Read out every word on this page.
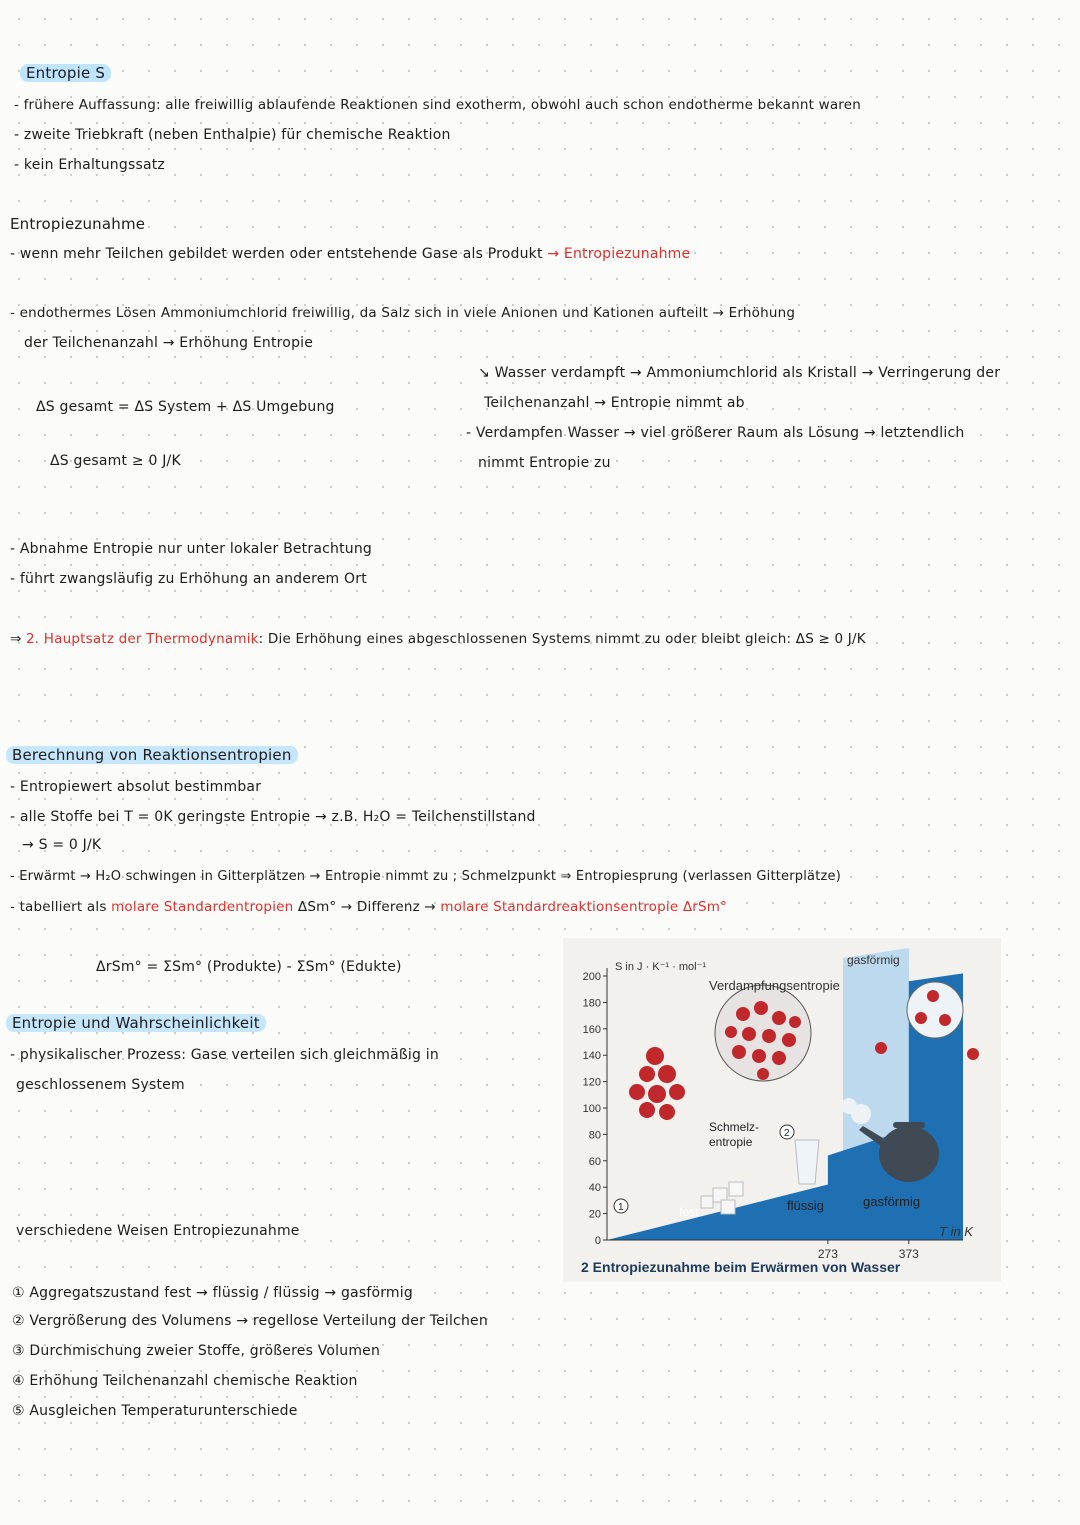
Entropie S
- frühere Auffassung: alle freiwillig ablaufende Reaktionen sind exotherm, obwohl auch schon endotherme bekannt waren
- zweite Triebkraft (neben Enthalpie) für chemische Reaktion
- kein Erhaltungssatz
Entropiezunahme
- wenn mehr Teilchen gebildet werden oder entstehende Gase als Produkt → Entropiezunahme
- endothermes Lösen Ammoniumchlorid freiwillig, da Salz sich in viele Anionen und Kationen aufteilt → Erhöhung
der Teilchenanzahl → Erhöhung Entropie
↘ Wasser verdampft → Ammoniumchlorid als Kristall → Verringerung der
Teilchenanzahl → Entropie nimmt ab
- Verdampfen Wasser → viel größerer Raum als Lösung → letztendlich
nimmt Entropie zu
ΔS gesamt = ΔS System + ΔS Umgebung
ΔS gesamt ≥ 0 J/K
- Abnahme Entropie nur unter lokaler Betrachtung
- führt zwangsläufig zu Erhöhung an anderem Ort
⇒ 2. Hauptsatz der Thermodynamik: Die Erhöhung eines abgeschlossenen Systems nimmt zu oder bleibt gleich: ΔS ≥ 0 J/K
Berechnung von Reaktionsentropien
- Entropiewert absolut bestimmbar
- alle Stoffe bei T = 0K geringste Entropie → z.B. H₂O = Teilchenstillstand
→ S = 0 J/K
- Erwärmt → H₂O schwingen in Gitterplätzen → Entropie nimmt zu ; Schmelzpunkt ⇒ Entropiesprung (verlassen Gitterplätze)
- tabelliert als molare Standardentropien ΔSm° → Differenz → molare Standardreaktionsentropie ΔrSm°
ΔrSm° = ΣSm° (Produkte) - ΣSm° (Edukte)
Entropie und Wahrscheinlichkeit
- physikalischer Prozess: Gase verteilen sich gleichmäßig in
geschlossenem System
verschiedene Weisen Entropiezunahme
① Aggregatszustand fest → flüssig / flüssig → gasförmig
② Vergrößerung des Volumens → regellose Verteilung der Teilchen
③ Durchmischung zweier Stoffe, größeres Volumen
④ Erhöhung Teilchenanzahl chemische Reaktion
⑤ Ausgleichen Temperaturunterschiede
0
20
40
60
80
100
120
140
160
180
200
273	373
S in J · K⁻¹ · mol⁻¹
T in K
Verdampfungsentropie
gasförmig
Schmelz-
entropie
fest	flüssig	gasförmig
1
2
2 Entropiezunahme beim Erwärmen von Wasser
